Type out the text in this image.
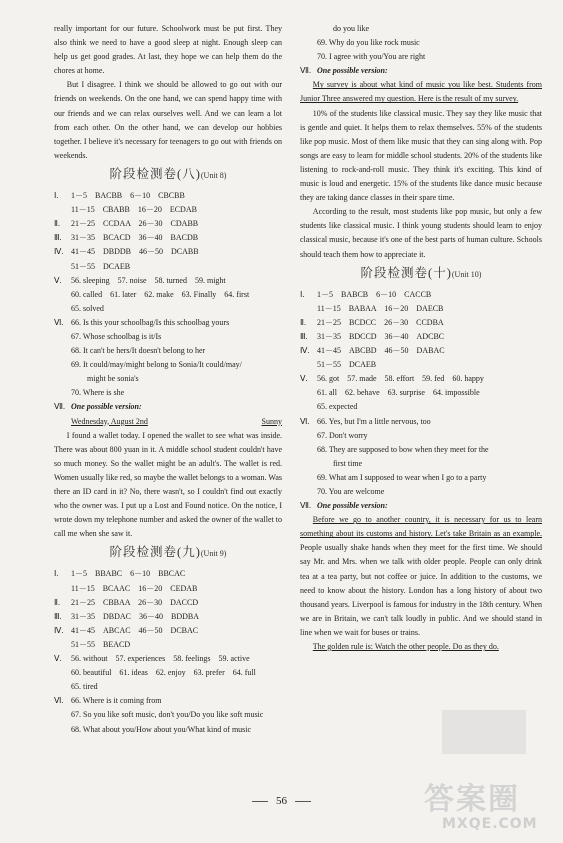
really important for our future. Schoolwork must be put first. They also think we need to have a good sleep at night. Enough sleep can help us get good grades. At last, they hope we can help them do the chores at home.
But I disagree. I think we should be allowed to go out with our friends on weekends. On the one hand, we can spend happy time with our friends and we can relax ourselves well. And we can learn a lot from each other. On the other hand, we can develop our hobbies together. I believe it's necessary for teenagers to go out with friends on weekends.
阶段检测卷(八)(Unit 8)
Ⅰ.	1－5　BACBB　6－10　CBCBB
11－15　CBABB　16－20　ECDAB
Ⅱ.	21－25　CCDAA　26－30　CDABB
Ⅲ.	31－35　BCACD　36－40　BACDB
Ⅳ. 41－45　DBDDB　46－50　DCABB
51－55　DCAEB
Ⅴ.	56. sleeping　57. noise　58. turned　59. might
60. called　61. later　62. make　63. Finally　64. first
65. solved
Ⅵ. 66. Is this your schoolbag/Is this schoolbag yours
67. Whose schoolbag is it/Is
68. It can't be hers/It doesn't belong to her
69. It could/may/might belong to Sonia/It could/may/
　　might be sonia's
70. Where is she
Ⅶ. One possible version:
Wednesday, August 2nd	Sunny
I found a wallet today. I opened the wallet to see what was inside. There was about 800 yuan in it. A middle school student couldn't have so much money. So the wallet might be an adult's. The wallet is red. Women usually like red, so maybe the wallet belongs to a woman. Was there an ID card in it? No, there wasn't, so I couldn't find out exactly who the owner was. I put up a Lost and Found notice. On the notice, I wrote down my telephone number and asked the owner of the wallet to call me when she saw it.
阶段检测卷(九)(Unit 9)
Ⅰ.	1－5　BBABC　6－10　BBCAC
11－15　BCAAC　16－20　CEDAB
Ⅱ.	21－25　CBBAA　26－30　DACCD
Ⅲ.	31－35　DBDAC　36－40　BDDBA
Ⅳ. 41－45　ABCAC　46－50　DCBAC
51－55　BEACD
Ⅴ.	56. without　57. experiences　58. feelings　59. active
60. beautiful　61. ideas　62. enjoy　63. prefer　64. full
65. tired
Ⅵ. 66. Where is it coming from
67. So you like soft music, don't you/Do you like soft music
68. What about you/How about you/What kind of music
　　do you like
69. Why do you like rock music
70. I agree with you/You are right
Ⅶ. One possible version:
My survey is about what kind of music you like best. Students from Junior Three answered my question. Here is the result of my survey.
10% of the students like classical music. They say they like music that is gentle and quiet. It helps them to relax themselves. 55% of the students like pop music. Most of them like music that they can sing along with. Pop songs are easy to learn for middle school students. 20% of the students like listening to rock-and-roll music. They think it's exciting. This kind of music is loud and energetic. 15% of the students like dance music because they are taking dance classes in their spare time.
According to the result, most students like pop music, but only a few students like classical music. I think young students should learn to enjoy classical music, because it's one of the best parts of human culture. Schools should teach them how to appreciate it.
阶段检测卷(十)(Unit 10)
Ⅰ.	1－5　BABCB　6－10　CACCB
11－15　BABAA　16－20　DAECB
Ⅱ.	21－25　BCDCC　26－30　CCDBA
Ⅲ.	31－35　BDCCD　36－40　ADCBC
Ⅳ. 41－45　ABCBD　46－50　DABAC
51－55　DCAEB
Ⅴ.	56. got　57. made　58. effort　59. fed　60. happy
61. all　62. behave　63. surprise　64. impossible
65. expected
Ⅵ. 66. Yes, but I'm a little nervous, too
67. Don't worry
68. They are supposed to bow when they meet for the
　　first time
69. What am I supposed to wear when I go to a party
70. You are welcome
Ⅶ. One possible version:
Before we go to another country, it is necessary for us to learn something about its customs and history. Let's take Britain as an example. People usually shake hands when they meet for the first time. We should say Mr. and Mrs. when we talk with older people. People can only drink tea at a tea party, but not coffee or juice. In addition to the customs, we need to know about the history. London has a long history of about two thousand years. Liverpool is famous for industry in the 18th century. When we are in Britain, we can't talk loudly in public. And we should stand in line when we wait for buses or trains.
The golden rule is: Watch the other people. Do as they do.
56	答案圈
MXQE.COM
